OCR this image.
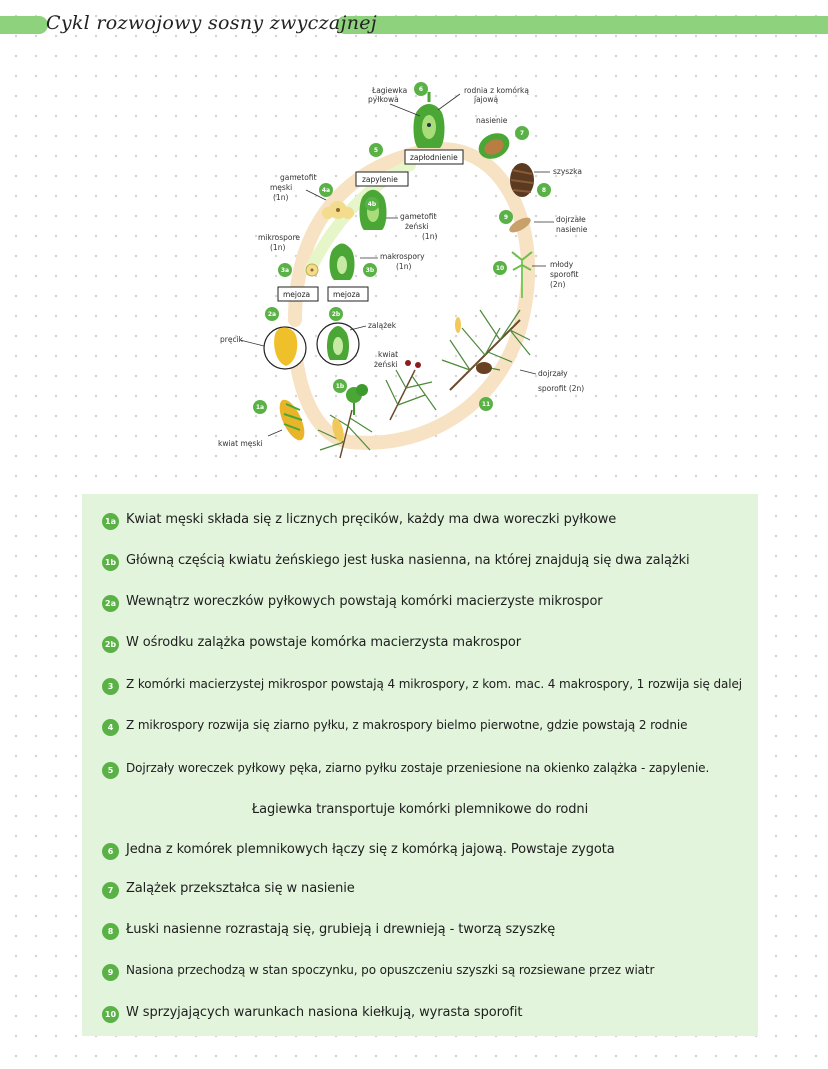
Cykl rozwojowy sosny zwyczajnej
Łagiewka
pyłkowa
rodnia z komórką
jajową
nasienie
zapłodnienie
szyszka
dojrzałe
nasienie
młody
sporofit
(2n)
dojrzały
sporofit (2n)
gametofit
męski
(1n)
zapylenie
gametofit
żeński
(1n)
mikrospore
(1n)
makrospory
(1n)
mejoza	mejoza
pręcik
zalążek
kwiat
żeński
kwiat męski
6
7
5
8
9
10
4a
4b
3a	3b
2a	2b
1b
1a	11
1a Kwiat męski składa się z licznych pręcików, każdy ma dwa woreczki pyłkowe
1b Główną częścią kwiatu żeńskiego jest łuska nasienna, na której znajdują się dwa zalążki
2a Wewnątrz woreczków pyłkowych powstają komórki macierzyste mikrospor
2b W ośrodku zalążka powstaje komórka macierzysta makrospor
3	Z komórki macierzystej mikrospor powstają 4 mikrospory, z kom. mac. 4 makrospory, 1 rozwija się dalej
4	Z mikrospory rozwija się ziarno pyłku, z makrospory bielmo pierwotne, gdzie powstają 2 rodnie
5	Dojrzały woreczek pyłkowy pęka, ziarno pyłku zostaje przeniesione na okienko zalążka - zapylenie.
Łagiewka transportuje komórki plemnikowe do rodni
6 Jedna z komórek plemnikowych łączy się z komórką jajową. Powstaje zygota
7 Zalążek przekształca się w nasienie
8 Łuski nasienne rozrastają się, grubieją i drewnieją - tworzą szyszkę
9	Nasiona przechodzą w stan spoczynku, po opuszczeniu szyszki są rozsiewane przez wiatr
10 W sprzyjających warunkach nasiona kiełkują, wyrasta sporofit
